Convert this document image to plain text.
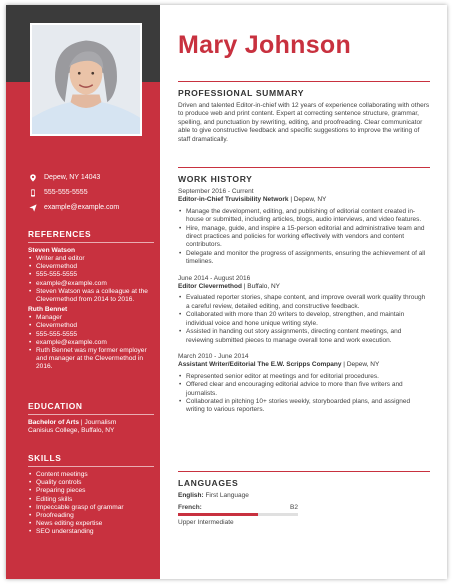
Depew, NY 14043
555-555-5555
example@example.com
REFERENCES
Steven Watson
• Writer and editor
• Clevermethod
• 555-555-5555
• example@example.com
• Steven Watson was a colleague at the Clevermethod from 2014 to 2016.
Ruth Bennet
• Manager
• Clevermethod
• 555-555-5555
• example@example.com
• Ruth Bennet was my former employer and manager at the Clevermethod in 2016.
EDUCATION
Bachelor of Arts | Journalism
Canisius College, Buffalo, NY
SKILLS
• Content meetings
• Quality controls
• Preparing pieces
• Editing skills
• Impeccable grasp of grammar
• Proofreading
• News editing expertise
• SEO understanding
Mary Johnson
PROFESSIONAL SUMMARY
Driven and talented Editor-in-chief with 12 years of experience collaborating with others to produce web and print content. Expert at correcting sentence structure, grammar, spelling, and punctuation by rewriting, editing, and proofreading. Clear communicator able to give constructive feedback and specific suggestions to improve the writing of staff dramatically.
WORK HISTORY
September 2016 - Current
Editor-in-Chief Truvisibility Network | Depew, NY
• Manage the development, editing, and publishing of editorial content created in-house or submitted, including articles, blogs, audio interviews, and video features.
• Hire, manage, guide, and inspire a 15-person editorial and administrative team and direct practices and policies for working effectively with vendors and content contributors.
• Delegate and monitor the progress of assignments, ensuring the achievement of all timelines.
June 2014 - August 2016
Editor Clevermethod | Buffalo, NY
• Evaluated reporter stories, shape content, and improve overall work quality through a careful review, detailed editing, and constructive feedback.
• Collaborated with more than 20 writers to develop, strengthen, and maintain individual voice and hone unique writing style.
• Assisted in handing out story assignments, directing content meetings, and reviewing submitted pieces to manage overall tone and work execution.
March 2010 - June 2014
Assistant Writer/Editorial The E.W. Scripps Company | Depew, NY
• Represented senior editor at meetings and for editorial procedures.
• Offered clear and encouraging editorial advice to more than five writers and journalists.
• Collaborated in pitching 10+ stories weekly, storyboarded plans, and assigned writing to various reporters.
LANGUAGES
English: First Language
French:	B2
Upper Intermediate
